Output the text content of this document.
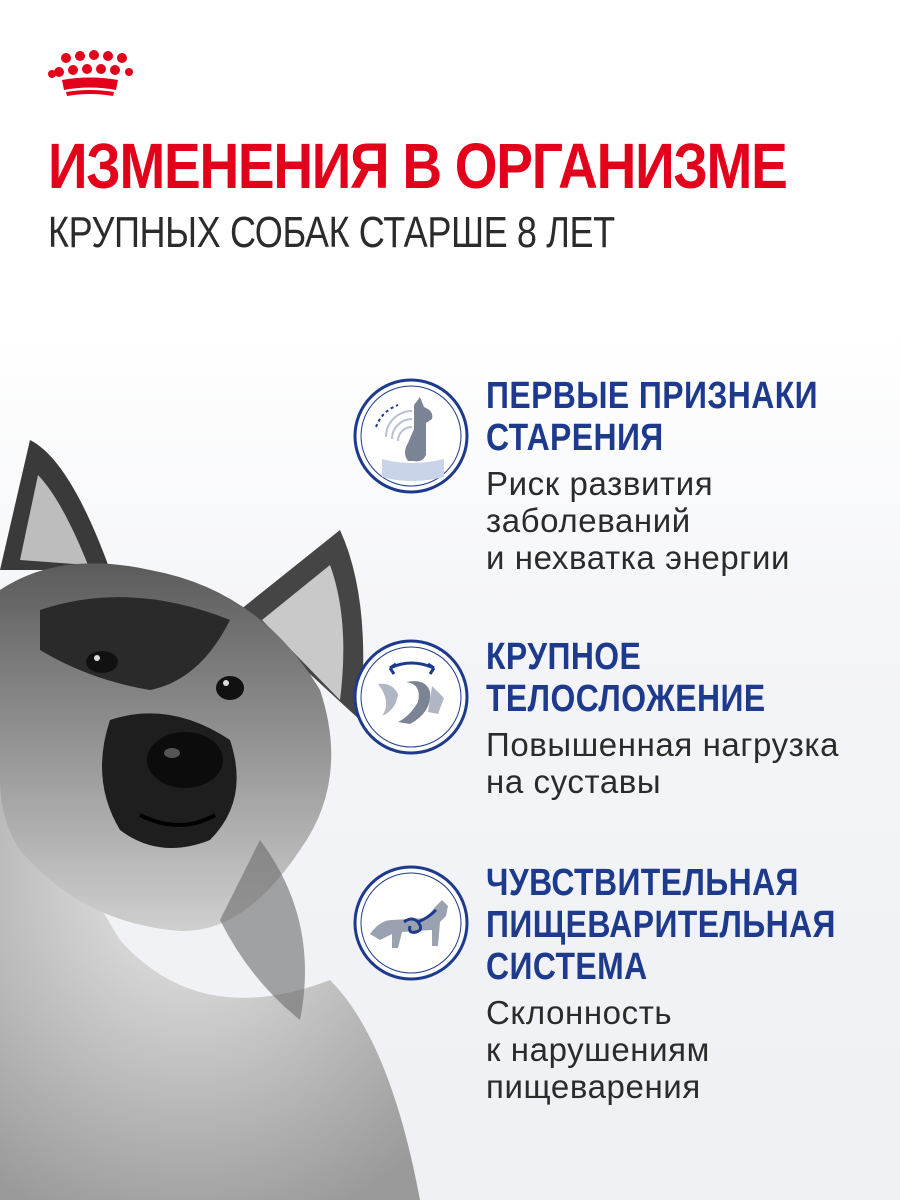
ИЗМЕНЕНИЯ В ОРГАНИЗМЕ
КРУПНЫХ СОБАК СТАРШЕ 8 ЛЕТ
ПЕРВЫЕ ПРИЗНАКИ
СТАРЕНИЯ

Риск развития
заболеваний
и нехватка энергии

КРУПНОЕ
ТЕЛОСЛОЖЕНИЕ

Повышенная нагрузка
на суставы

ЧУВСТВИТЕЛЬНАЯ
ПИЩЕВАРИТЕЛЬНАЯ
СИСТЕМА

Склонность
к нарушениям
пищеварения
